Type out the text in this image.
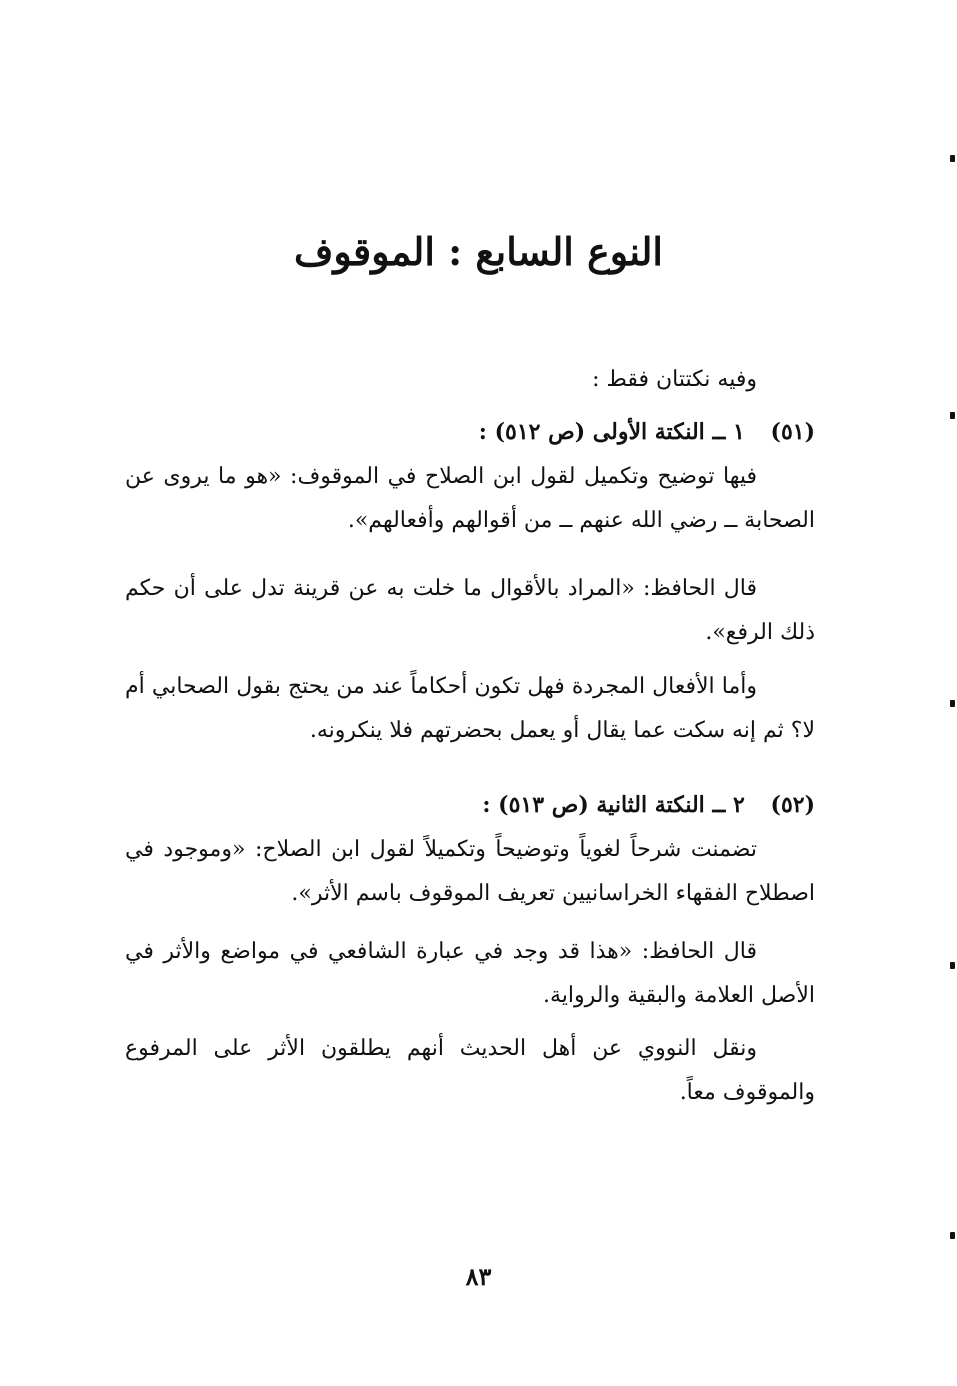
النوع السابع : الموقوف
وفيه نكتتان فقط :
(٥١) ١ ــ النكتة الأولى (ص ٥١٢) :

فيها توضيح وتكميل لقول ابن الصلاح في الموقوف: «هو ما يروى عن الصحابة ــ رضي الله عنهم ــ من أقوالهم وأفعالهم».

قال الحافظ: «المراد بالأقوال ما خلت به عن قرينة تدل على أن حكم ذلك الرفع».

وأما الأفعال المجردة فهل تكون أحكاماً عند من يحتج بقول الصحابي أم لا؟ ثم إنه سكت عما يقال أو يعمل بحضرتهم فلا ينكرونه.

(٥٢) ٢ ــ النكتة الثانية (ص ٥١٣) :

تضمنت شرحاً لغوياً وتوضيحاً وتكميلاً لقول ابن الصلاح: «وموجود في اصطلاح الفقهاء الخراسانيين تعريف الموقوف باسم الأثر».

قال الحافظ: «هذا قد وجد في عبارة الشافعي في مواضع والأثر في الأصل العلامة والبقية والرواية.

ونقل النووي عن أهل الحديث أنهم يطلقون الأثر على المرفوع والموقوف معاً.

٨٣
